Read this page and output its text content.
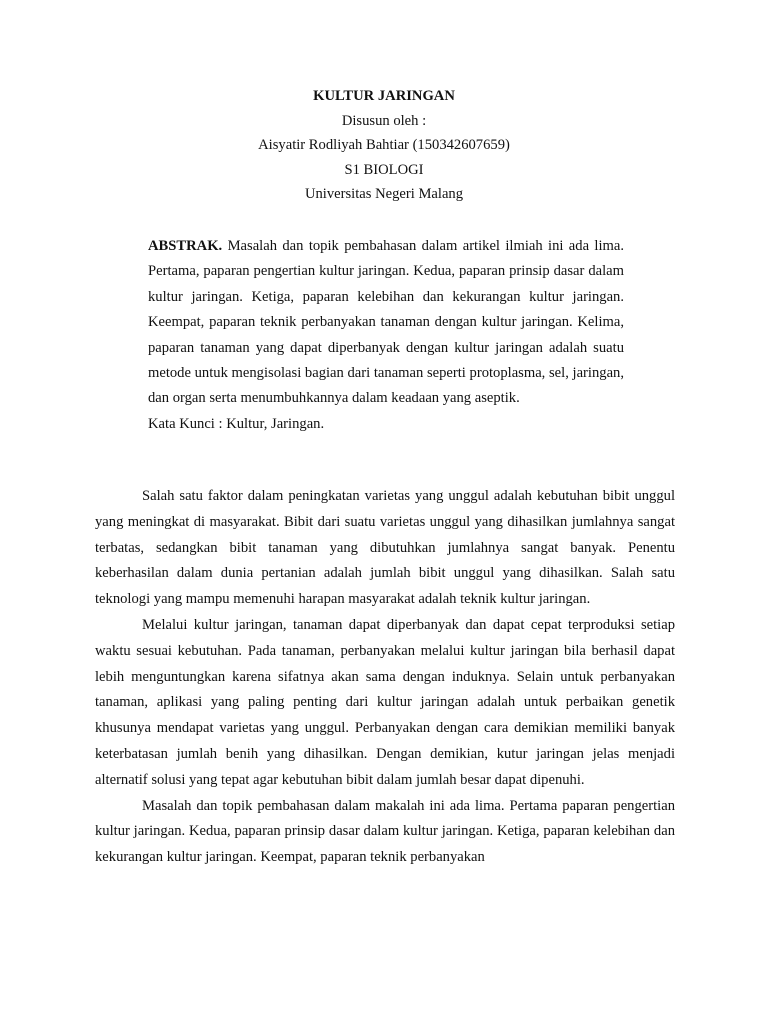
KULTUR JARINGAN
Disusun oleh :
Aisyatir Rodliyah Bahtiar (150342607659)
S1 BIOLOGI
Universitas Negeri Malang

ABSTRAK. Masalah dan topik pembahasan dalam artikel ilmiah ini ada lima. Pertama, paparan pengertian kultur jaringan. Kedua, paparan prinsip dasar dalam kultur jaringan. Ketiga, paparan kelebihan dan kekurangan kultur jaringan. Keempat, paparan teknik perbanyakan tanaman dengan kultur jaringan. Kelima, paparan tanaman yang dapat diperbanyak dengan kultur jaringan adalah suatu metode untuk mengisolasi bagian dari tanaman seperti protoplasma, sel, jaringan, dan organ serta menumbuhkannya dalam keadaan yang aseptik.

Kata Kunci : Kultur, Jaringan.

Salah satu faktor dalam peningkatan varietas yang unggul adalah kebutuhan bibit unggul yang meningkat di masyarakat. Bibit dari suatu varietas unggul yang dihasilkan jumlahnya sangat terbatas, sedangkan bibit tanaman yang dibutuhkan jumlahnya sangat banyak. Penentu keberhasilan dalam dunia pertanian adalah jumlah bibit unggul yang dihasilkan. Salah satu teknologi yang mampu memenuhi harapan masyarakat adalah teknik kultur jaringan.

Melalui kultur jaringan, tanaman dapat diperbanyak dan dapat cepat terproduksi setiap waktu sesuai kebutuhan. Pada tanaman, perbanyakan melalui kultur jaringan bila berhasil dapat lebih menguntungkan karena sifatnya akan sama dengan induknya. Selain untuk perbanyakan tanaman, aplikasi yang paling penting dari kultur jaringan adalah untuk perbaikan genetik khusunya mendapat varietas yang unggul. Perbanyakan dengan cara demikian memiliki banyak keterbatasan jumlah benih yang dihasilkan. Dengan demikian, kutur jaringan jelas menjadi alternatif solusi yang tepat agar kebutuhan bibit dalam jumlah besar dapat dipenuhi.

Masalah dan topik pembahasan dalam makalah ini ada lima. Pertama paparan pengertian kultur jaringan. Kedua, paparan prinsip dasar dalam kultur jaringan. Ketiga, paparan kelebihan dan kekurangan kultur jaringan. Keempat, paparan teknik perbanyakan
